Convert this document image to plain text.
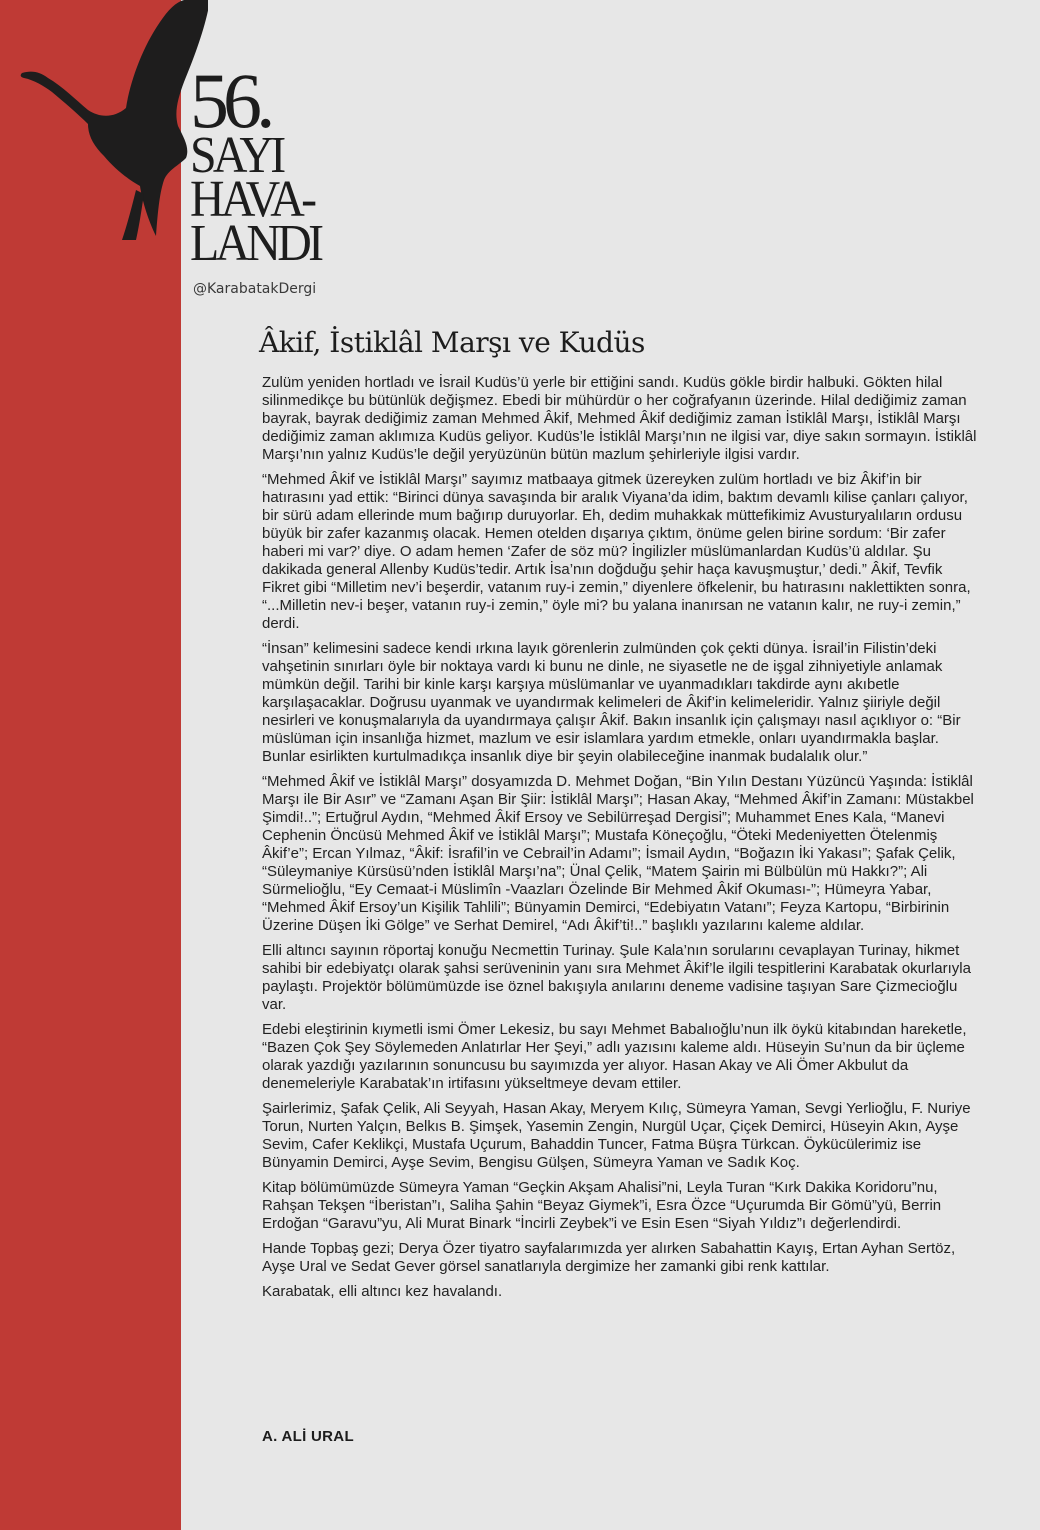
56.
SAYI
HAVA-
LANDI
@KarabatakDergi
Âkif, İstiklâl Marşı ve Kudüs

Zulüm yeniden hortladı ve İsrail Kudüs’ü yerle bir ettiğini sandı. Kudüs gökle birdir halbuki. Gökten hilal silinmedikçe bu bütünlük değişmez. Ebedi bir mühürdür o her coğrafyanın üzerinde. Hilal dediğimiz zaman bayrak, bayrak dediğimiz zaman Mehmed Âkif, Mehmed Âkif dediğimiz zaman İstiklâl Marşı, İstiklâl Marşı dediğimiz zaman aklımıza Kudüs geliyor. Kudüs’le İstiklâl Marşı’nın ne ilgisi var, diye sakın sormayın. İstiklâl Marşı’nın yalnız Kudüs’le değil yeryüzünün bütün mazlum şehirleriyle ilgisi vardır.

“Mehmed Âkif ve İstiklâl Marşı” sayımız matbaaya gitmek üzereyken zulüm hortladı ve biz Âkif’in bir hatırasını yad ettik: “Birinci dünya savaşında bir aralık Viyana’da idim, baktım devamlı kilise çanları çalıyor, bir sürü adam ellerinde mum bağırıp duruyorlar. Eh, dedim muhakkak müttefikimiz Avusturyalıların ordusu büyük bir zafer kazanmış olacak. Hemen otelden dışarıya çıktım, önüme gelen birine sordum: ‘Bir zafer haberi mi var?’ diye. O adam hemen ‘Zafer de söz mü? İngilizler müslümanlardan Kudüs’ü aldılar. Şu dakikada general Allenby Kudüs’tedir. Artık İsa’nın doğduğu şehir haça kavuşmuştur,’ dedi.” Âkif, Tevfik Fikret gibi “Milletim nev’i beşerdir, vatanım ruy-i zemin,” diyenlere öfkelenir, bu hatırasını naklettikten sonra, “...Milletin nev-i beşer, vatanın ruy-i zemin,” öyle mi? bu yalana inanırsan ne vatanın kalır, ne ruy-i zemin,” derdi.

“İnsan” kelimesini sadece kendi ırkına layık görenlerin zulmünden çok çekti dünya. İsrail’in Filistin’deki vahşetinin sınırları öyle bir noktaya vardı ki bunu ne dinle, ne siyasetle ne de işgal zihniyetiyle anlamak mümkün değil. Tarihi bir kinle karşı karşıya müslümanlar ve uyanmadıkları takdirde aynı akıbetle karşılaşacaklar. Doğrusu uyanmak ve uyandırmak kelimeleri de Âkif’in kelimeleridir. Yalnız şiiriyle değil nesirleri ve konuşmalarıyla da uyandırmaya çalışır Âkif. Bakın insanlık için çalışmayı nasıl açıklıyor o: “Bir müslüman için insanlığa hizmet, mazlum ve esir islamlara yardım etmekle, onları uyandırmakla başlar. Bunlar esirlikten kurtulmadıkça insanlık diye bir şeyin olabileceğine inanmak budalalık olur.”

“Mehmed Âkif ve İstiklâl Marşı” dosyamızda D. Mehmet Doğan, “Bin Yılın Destanı Yüzüncü Yaşında: İstiklâl Marşı ile Bir Asır” ve “Zamanı Aşan Bir Şiir: İstiklâl Marşı”; Hasan Akay, “Mehmed Âkif’in Zamanı: Müstakbel Şimdi!..”; Ertuğrul Aydın, “Mehmed Âkif Ersoy ve Sebilürreşad Dergisi”; Muhammet Enes Kala, “Manevi Cephenin Öncüsü Mehmed Âkif ve İstiklâl Marşı”; Mustafa Köneçoğlu, “Öteki Medeniyetten Ötelenmiş Âkif’e”; Ercan Yılmaz, “Âkif: İsrafil’in ve Cebrail’in Adamı”; İsmail Aydın, “Boğazın İki Yakası”; Şafak Çelik, “Süleymaniye Kürsüsü’nden İstiklâl Marşı’na”; Ünal Çelik, “Matem Şairin mi Bülbülün mü Hakkı?”; Ali Sürmelioğlu, “Ey Cemaat-i Müslimîn -Vaazları Özelinde Bir Mehmed Âkif Okuması-”; Hümeyra Yabar, “Mehmed Âkif Ersoy’un Kişilik Tahlili”; Bünyamin Demirci, “Edebiyatın Vatanı”; Feyza Kartopu, “Birbirinin Üzerine Düşen İki Gölge” ve Serhat Demirel, “Adı Âkif’ti!..” başlıklı yazılarını kaleme aldılar.

Elli altıncı sayının röportaj konuğu Necmettin Turinay. Şule Kala’nın sorularını cevaplayan Turinay, hikmet sahibi bir edebiyatçı olarak şahsi serüveninin yanı sıra Mehmet Âkif’le ilgili tespitlerini Karabatak okurlarıyla paylaştı. Projektör bölümümüzde ise öznel bakışıyla anılarını deneme vadisine taşıyan Sare Çizmecioğlu var.

Edebi eleştirinin kıymetli ismi Ömer Lekesiz, bu sayı Mehmet Babalıoğlu’nun ilk öykü kitabından hareketle, “Bazen Çok Şey Söylemeden Anlatırlar Her Şeyi,” adlı yazısını kaleme aldı. Hüseyin Su’nun da bir üçleme olarak yazdığı yazılarının sonuncusu bu sayımızda yer alıyor. Hasan Akay ve Ali Ömer Akbulut da denemeleriyle Karabatak’ın irtifasını yükseltmeye devam ettiler.

Şairlerimiz, Şafak Çelik, Ali Seyyah, Hasan Akay, Meryem Kılıç, Sümeyra Yaman, Sevgi Yerlioğlu, F. Nuriye Torun, Nurten Yalçın, Belkıs B. Şimşek, Yasemin Zengin, Nurgül Uçar, Çiçek Demirci, Hüseyin Akın, Ayşe Sevim, Cafer Keklikçi, Mustafa Uçurum, Bahaddin Tuncer, Fatma Büşra Türkcan. Öykücülerimiz ise Bünyamin Demirci, Ayşe Sevim, Bengisu Gülşen, Sümeyra Yaman ve Sadık Koç.

Kitap bölümümüzde Sümeyra Yaman “Geçkin Akşam Ahalisi”ni, Leyla Turan “Kırk Dakika Koridoru”nu, Rahşan Tekşen “İberistan”ı, Saliha Şahin “Beyaz Giymek”i, Esra Özce “Uçurumda Bir Gömü”yü, Berrin Erdoğan “Garavu”yu, Ali Murat Binark “İncirli Zeybek”i ve Esin Esen “Siyah Yıldız”ı değerlendirdi.

Hande Topbaş gezi; Derya Özer tiyatro sayfalarımızda yer alırken Sabahattin Kayış, Ertan Ayhan Sertöz, Ayşe Ural ve Sedat Gever görsel sanatlarıyla dergimize her zamanki gibi renk kattılar.

Karabatak, elli altıncı kez havalandı.

A. ALİ URAL
